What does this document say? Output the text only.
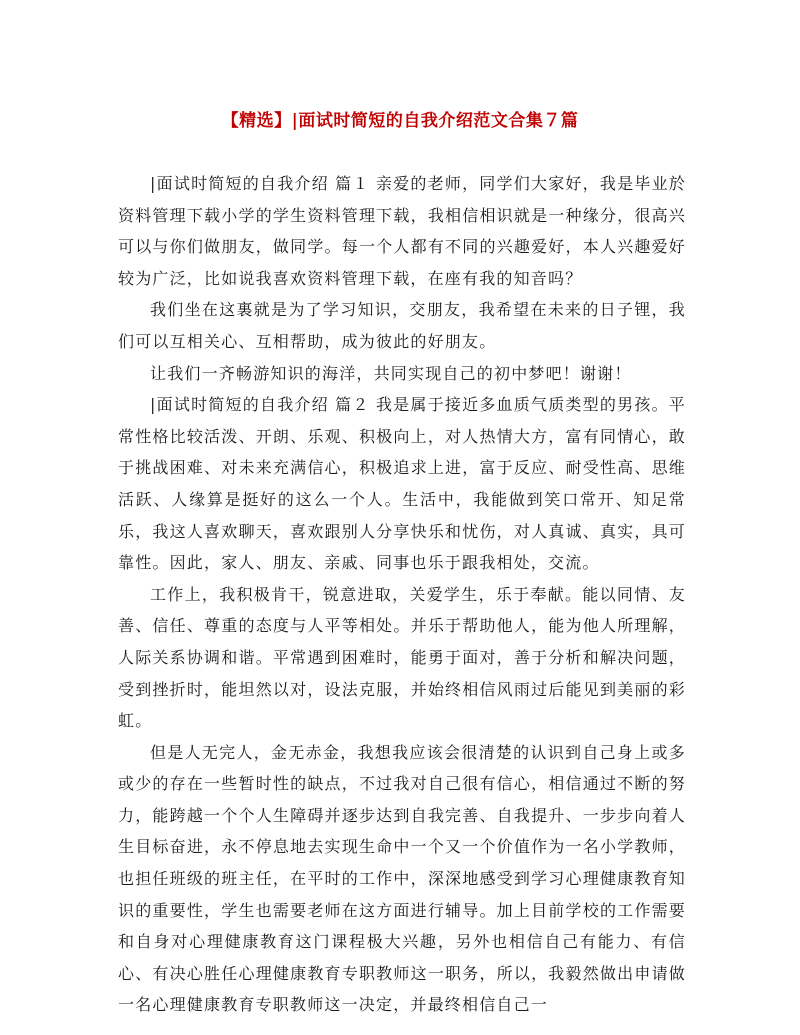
【精选】|面试时简短的自我介绍范文合集７篇

|面试时简短的自我介绍 篇１ 亲爱的老师，同学们大家好，我是毕业於资料管理下载小学的学生资料管理下载，我相信相识就是一种缘分，很高兴可以与你们做朋友，做同学。每一个人都有不同的兴趣爱好，本人兴趣爱好较为广泛，比如说我喜欢资料管理下载，在座有我的知音吗？

我们坐在这裏就是为了学习知识，交朋友，我希望在未来的日子锂，我们可以互相关心、互相帮助，成为彼此的好朋友。

让我们一齐畅游知识的海洋，共同实现自己的初中梦吧！谢谢！

|面试时简短的自我介绍 篇２ 我是属于接近多血质气质类型的男孩。平常性格比较活泼、开朗、乐观、积极向上，对人热情大方，富有同情心，敢于挑战困难、对未来充满信心，积极追求上进，富于反应、耐受性高、思维活跃、人缘算是挺好的这么一个人。生活中，我能做到笑口常开、知足常乐，我这人喜欢聊天，喜欢跟别人分享快乐和忧伤，对人真诚、真实，具可靠性。因此，家人、朋友、亲戚、同事也乐于跟我相处，交流。

工作上，我积极肯干，锐意进取，关爱学生，乐于奉献。能以同情、友善、信任、尊重的态度与人平等相处。并乐于帮助他人，能为他人所理解，人际关系协调和谐。平常遇到困难时，能勇于面对，善于分析和解决问题，受到挫折时，能坦然以对，设法克服，并始终相信风雨过后能见到美丽的彩虹。

但是人无完人，金无赤金，我想我应该会很清楚的认识到自己身上或多或少的存在一些暂时性的缺点，不过我对自己很有信心，相信通过不断的努力，能跨越一个个人生障碍并逐步达到自我完善、自我提升、一步步向着人生目标奋进，永不停息地去实现生命中一个又一个价值作为一名小学教师，也担任班级的班主任，在平时的工作中，深深地感受到学习心理健康教育知识的重要性，学生也需要老师在这方面进行辅导。加上目前学校的工作需要和自身对心理健康教育这门课程极大兴趣，另外也相信自己有能力、有信心、有决心胜任心理健康教育专职教师这一职务，所以，我毅然做出申请做一名心理健康教育专职教师这一决定，并最终相信自己一
